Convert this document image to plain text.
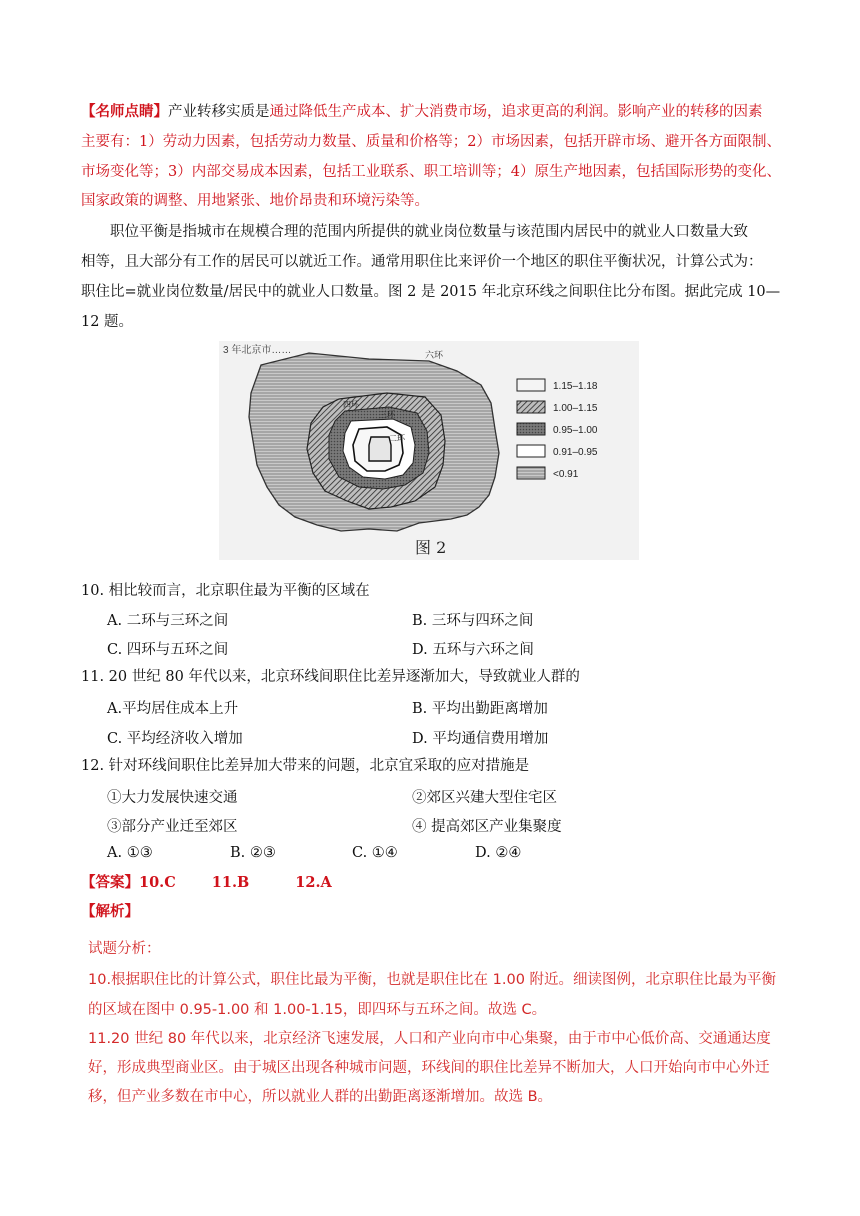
【名师点睛】产业转移实质是通过降低生产成本、扩大消费市场，追求更高的利润。影响产业的转移的因素
主要有：1）劳动力因素，包括劳动力数量、质量和价格等；2）市场因素，包括开辟市场、避开各方面限制、
市场变化等；3）内部交易成本因素，包括工业联系、职工培训等；4）原生产地因素，包括国际形势的变化、
国家政策的调整、用地紧张、地价昂贵和环境污染等。
职位平衡是指城市在规模合理的范围内所提供的就业岗位数量与该范围内居民中的就业人口数量大致
相等，且大部分有工作的居民可以就近工作。通常用职住比来评价一个地区的职住平衡状况，计算公式为：
职住比=就业岗位数量/居民中的就业人口数量。图 2 是 2015 年北京环线之间职住比分布图。据此完成 10—
12 题。
3 年北京市……	六环
四环
三环
二环
1.15–1.18
1.00–1.15
0.95–1.00
0.91–0.95
<0.91
图 2
10. 相比较而言，北京职住最为平衡的区域在
A. 二环与三环之间	B. 三环与四环之间
C. 四环与五环之间	D. 五环与六环之间
11. 20 世纪 80 年代以来，北京环线间职住比差异逐渐加大，导致就业人群的
A.平均居住成本上升	B. 平均出勤距离增加
C. 平均经济收入增加	D. 平均通信费用增加
12. 针对环线间职住比差异加大带来的问题，北京宜采取的应对措施是
①大力发展快速交通	②郊区兴建大型住宅区
③部分产业迁至郊区	④ 提高郊区产业集聚度
A. ①③	B. ②③	C. ①④	D. ②④
【答案】10.C 11.B	12.A
【解析】
试题分析：
10.根据职住比的计算公式，职住比最为平衡，也就是职住比在 1.00 附近。细读图例，北京职住比最为平衡
的区域在图中 0.95-1.00 和 1.00-1.15，即四环与五环之间。故选 C。
11.20 世纪 80 年代以来，北京经济飞速发展，人口和产业向市中心集聚，由于市中心低价高、交通通达度
好，形成典型商业区。由于城区出现各种城市问题，环线间的职住比差异不断加大，人口开始向市中心外迁
移，但产业多数在市中心，所以就业人群的出勤距离逐渐增加。故选 B。
